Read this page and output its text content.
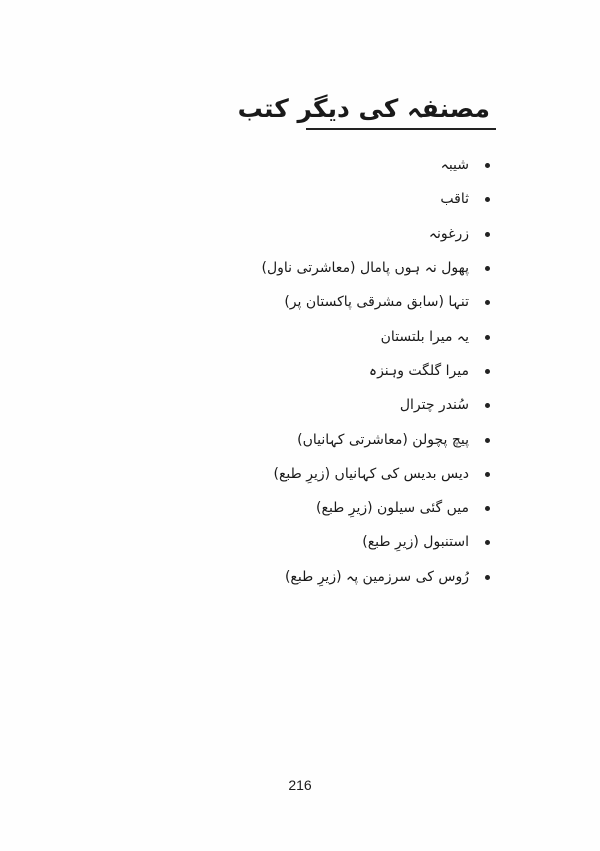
مصنفہ کی دیگر کتب
شیبہ
ثاقب
زرغونہ
پھول نہ ہوں پامال (معاشرتی ناول)
تنہا (سابق مشرقی پاکستان پر)
یہ میرا بلتستان
میرا گلگت وہنزہ
سُندر چترال
پیچ پچولن (معاشرتی کہانیاں)
دیس بدیس کی کہانیاں (زیرِ طبع)
میں گئی سیلون (زیرِ طبع)
استنبول (زیرِ طبع)
رُوس کی سرزمین پہ (زیرِ طبع)
216
